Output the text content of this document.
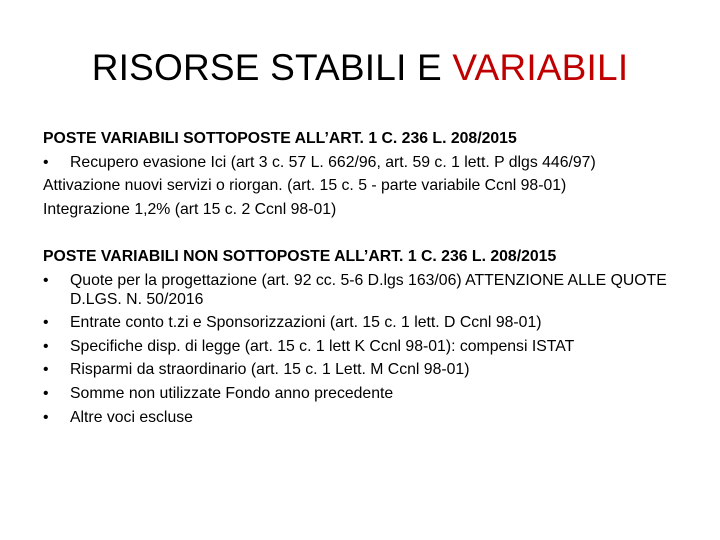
RISORSE STABILI E VARIABILI
POSTE VARIABILI SOTTOPOSTE ALL’ART. 1 C. 236 L. 208/2015
•	Recupero evasione Ici (art 3 c. 57 L. 662/96, art. 59 c. 1 lett. P dlgs 446/97)
Attivazione nuovi servizi o riorgan. (art. 15 c. 5 - parte variabile Ccnl 98-01)
Integrazione 1,2% (art 15 c. 2 Ccnl 98-01)
POSTE VARIABILI NON SOTTOPOSTE ALL’ART. 1 C. 236 L. 208/2015
•	Quote per la progettazione (art. 92 cc. 5-6 D.lgs 163/06) ATTENZIONE ALLE QUOTE D.LGS. N. 50/2016
•	Entrate conto t.zi e Sponsorizzazioni (art. 15 c. 1 lett. D Ccnl 98-01)
•	Specifiche disp. di legge (art. 15 c. 1 lett K Ccnl 98-01): compensi ISTAT
•	Risparmi da straordinario (art. 15 c. 1 Lett. M Ccnl 98-01)
•	Somme non utilizzate Fondo anno precedente
•	Altre voci escluse
